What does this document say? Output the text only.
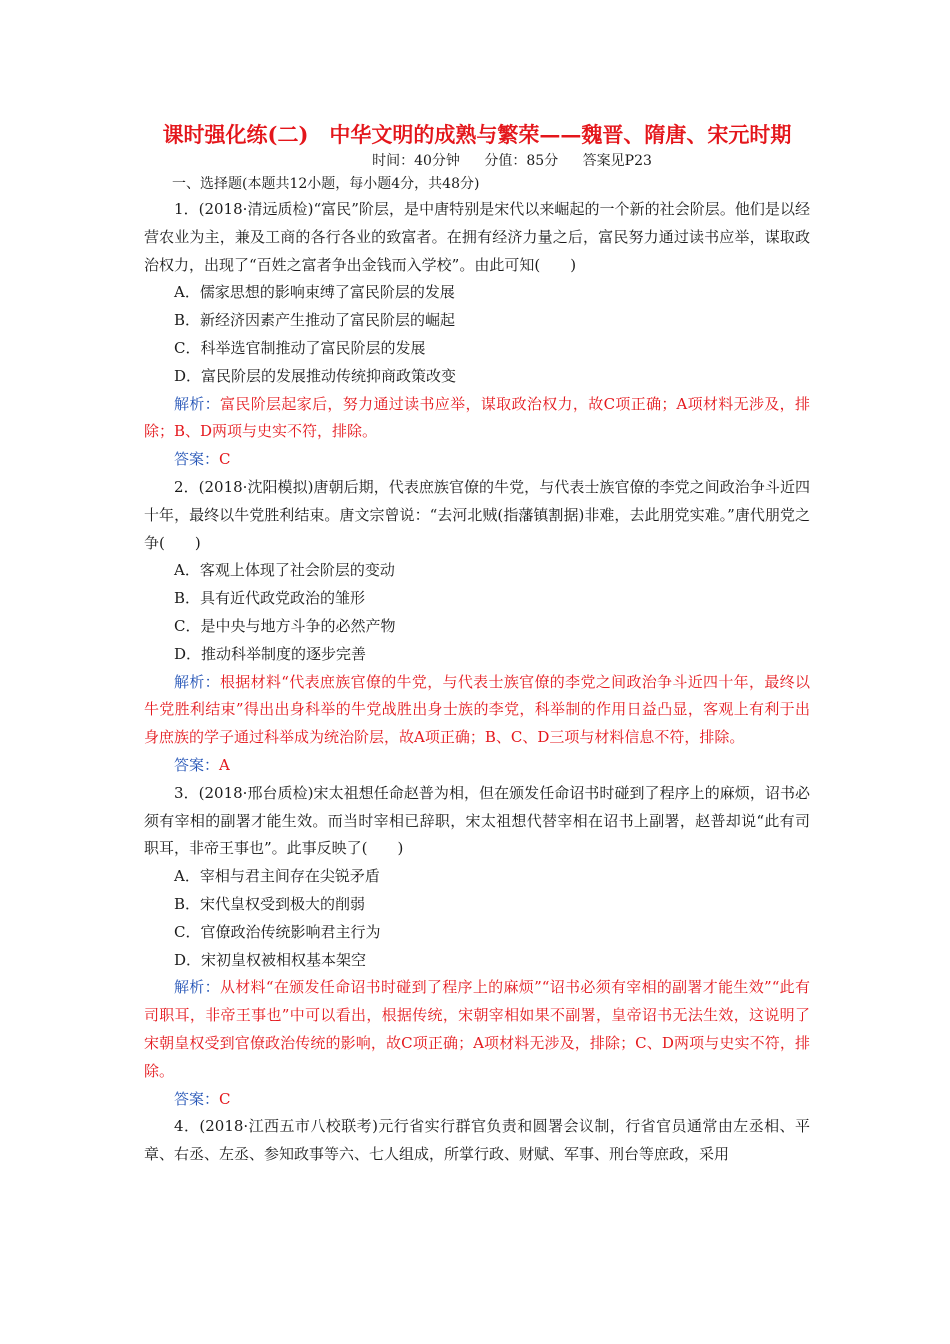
课时强化练(二)　中华文明的成熟与繁荣——魏晋、隋唐、宋元时期
时间：40分钟 分值：85分 答案见P23
一、选择题(本题共12小题，每小题4分，共48分)

1．(2018·清远质检)“富民”阶层，是中唐特别是宋代以来崛起的一个新的社会阶层。他们是以经营农业为主，兼及工商的各行各业的致富者。在拥有经济力量之后，富民努力通过读书应举，谋取政治权力，出现了“百姓之富者争出金钱而入学校”。由此可知(　　)

A．儒家思想的影响束缚了富民阶层的发展

B．新经济因素产生推动了富民阶层的崛起

C．科举选官制推动了富民阶层的发展

D．富民阶层的发展推动传统抑商政策改变

解析：富民阶层起家后，努力通过读书应举，谋取政治权力，故C项正确；A项材料无涉及，排除；B、D两项与史实不符，排除。

答案：C

2．(2018·沈阳模拟)唐朝后期，代表庶族官僚的牛党，与代表士族官僚的李党之间政治争斗近四十年，最终以牛党胜利结束。唐文宗曾说：“去河北贼(指藩镇割据)非难，去此朋党实难。”唐代朋党之争(　　)

A．客观上体现了社会阶层的变动

B．具有近代政党政治的雏形

C．是中央与地方斗争的必然产物

D．推动科举制度的逐步完善

解析：根据材料“代表庶族官僚的牛党，与代表士族官僚的李党之间政治争斗近四十年，最终以牛党胜利结束”得出出身科举的牛党战胜出身士族的李党，科举制的作用日益凸显，客观上有利于出身庶族的学子通过科举成为统治阶层，故A项正确；B、C、D三项与材料信息不符，排除。

答案：A

3．(2018·邢台质检)宋太祖想任命赵普为相，但在颁发任命诏书时碰到了程序上的麻烦，诏书必须有宰相的副署才能生效。而当时宰相已辞职，宋太祖想代替宰相在诏书上副署，赵普却说“此有司职耳，非帝王事也”。此事反映了(　　)

A．宰相与君主间存在尖锐矛盾

B．宋代皇权受到极大的削弱

C．官僚政治传统影响君主行为

D．宋初皇权被相权基本架空

解析：从材料“在颁发任命诏书时碰到了程序上的麻烦”“诏书必须有宰相的副署才能生效”“此有司职耳，非帝王事也”中可以看出，根据传统，宋朝宰相如果不副署，皇帝诏书无法生效，这说明了宋朝皇权受到官僚政治传统的影响，故C项正确；A项材料无涉及，排除；C、D两项与史实不符，排除。

答案：C

4．(2018·江西五市八校联考)元行省实行群官负责和圆署会议制，行省官员通常由左丞相、平章、右丞、左丞、参知政事等六、七人组成，所掌行政、财赋、军事、刑台等庶政，采用
